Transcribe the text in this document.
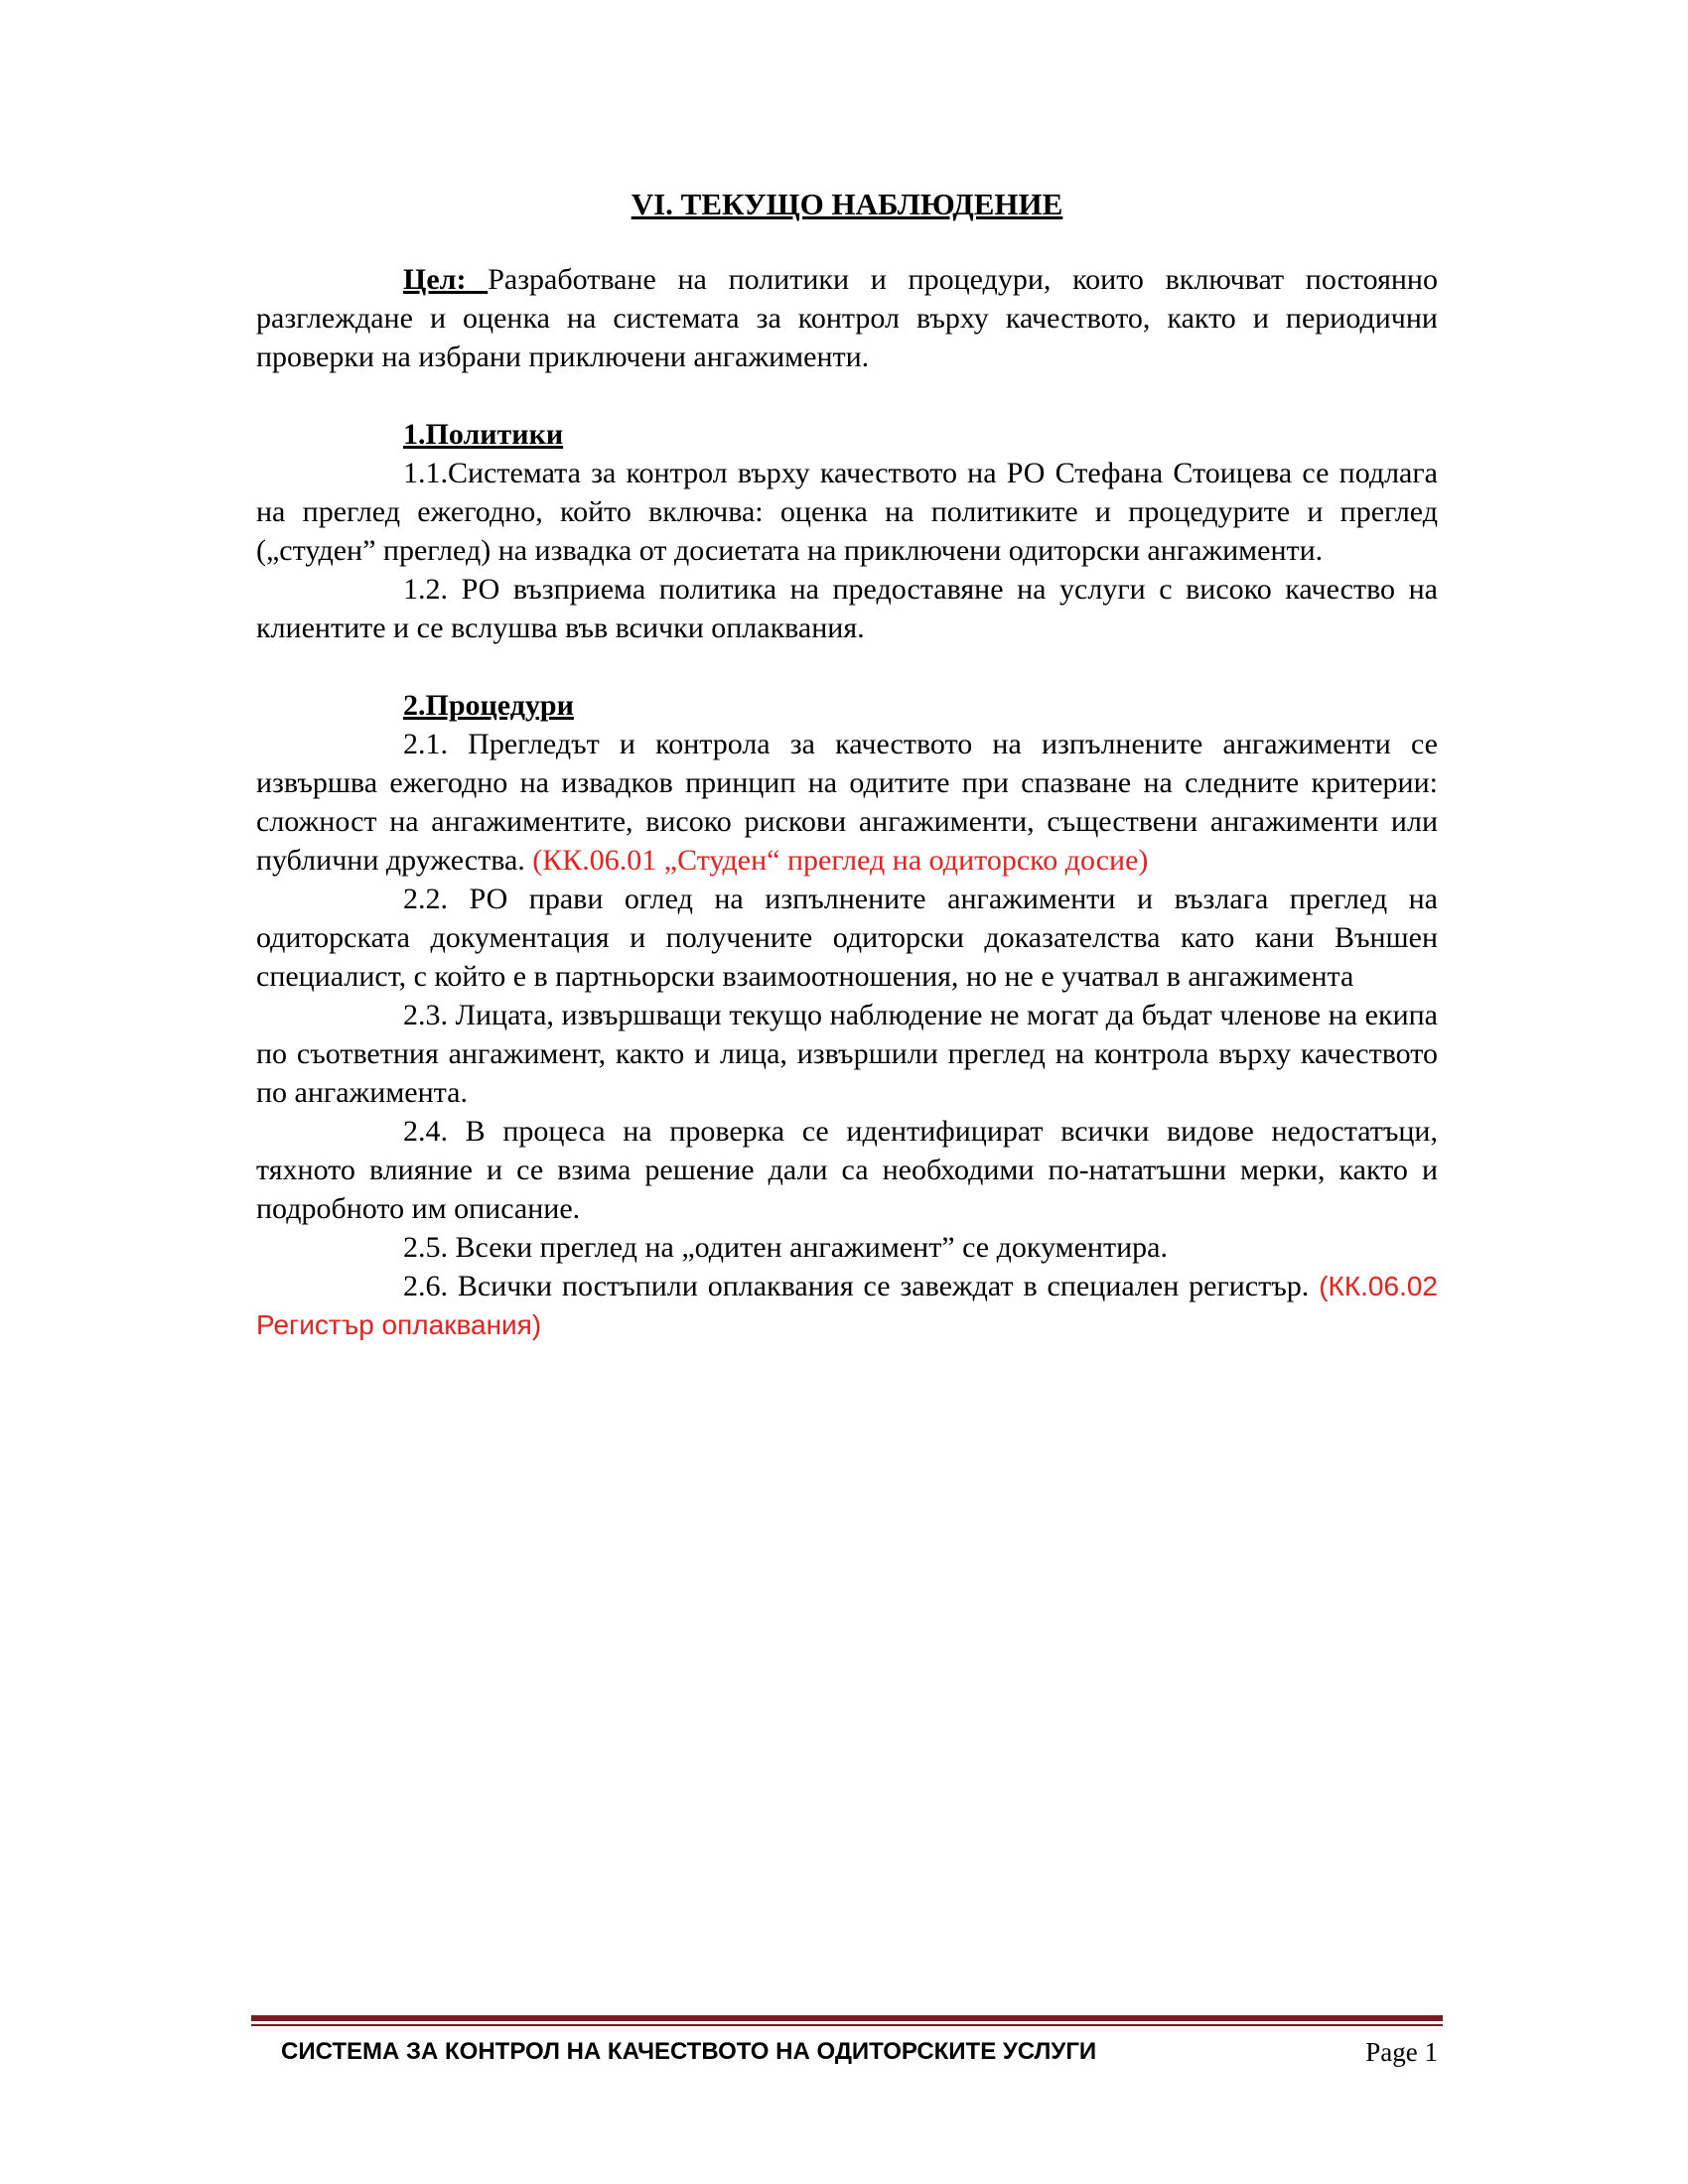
VI. ТЕКУЩО НАБЛЮДЕНИЕ

Цел: Разработване на политики и процедури, които включват постоянно разглеждане и оценка на системата за контрол върху качеството, както и периодични проверки на избрани приключени ангажименти.

1.Политики

1.1.Системата за контрол върху качеството на РО Стефана Стоицева се подлага на преглед ежегодно, който включва: оценка на политиките и процедурите и преглед („студен” преглед) на извадка от досиетата на приключени одиторски ангажименти.

1.2. РО възприема политика на предоставяне на услуги с високо качество на клиентите и се вслушва във всички оплаквания.

2.Процедури

2.1. Прегледът и контрола за качеството на изпълнените ангажименти се извършва ежегодно на извадков принцип на одитите при спазване на следните критерии: сложност на ангажиментите, високо рискови ангажименти, съществени ангажименти или публични дружества. (КК.06.01 „Студен“ преглед на одиторско досие)

2.2. РО прави оглед на изпълнените ангажименти и възлага преглед на одиторската документация и получените одиторски доказателства като кани Външен специалист, с който е в партньорски взаимоотношения, но не е учатвал в ангажимента

2.3. Лицата, извършващи текущо наблюдение не могат да бъдат членове на екипа по съответния ангажимент, както и лица, извършили преглед на контрола върху качеството по ангажимента.

2.4. В процеса на проверка се идентифицират всички видове недостатъци, тяхното влияние и се взима решение дали са необходими по-нататъшни мерки, както и подробното им описание.

2.5. Всеки преглед на „одитен ангажимент” се документира.

2.6. Всички постъпили оплаквания се завеждат в специален регистър. (КК.06.02 Регистър оплаквания)

СИСТЕМА ЗА КОНТРОЛ НА КАЧЕСТВОТО НА ОДИТОРСКИТЕ УСЛУГИ	Page 1
